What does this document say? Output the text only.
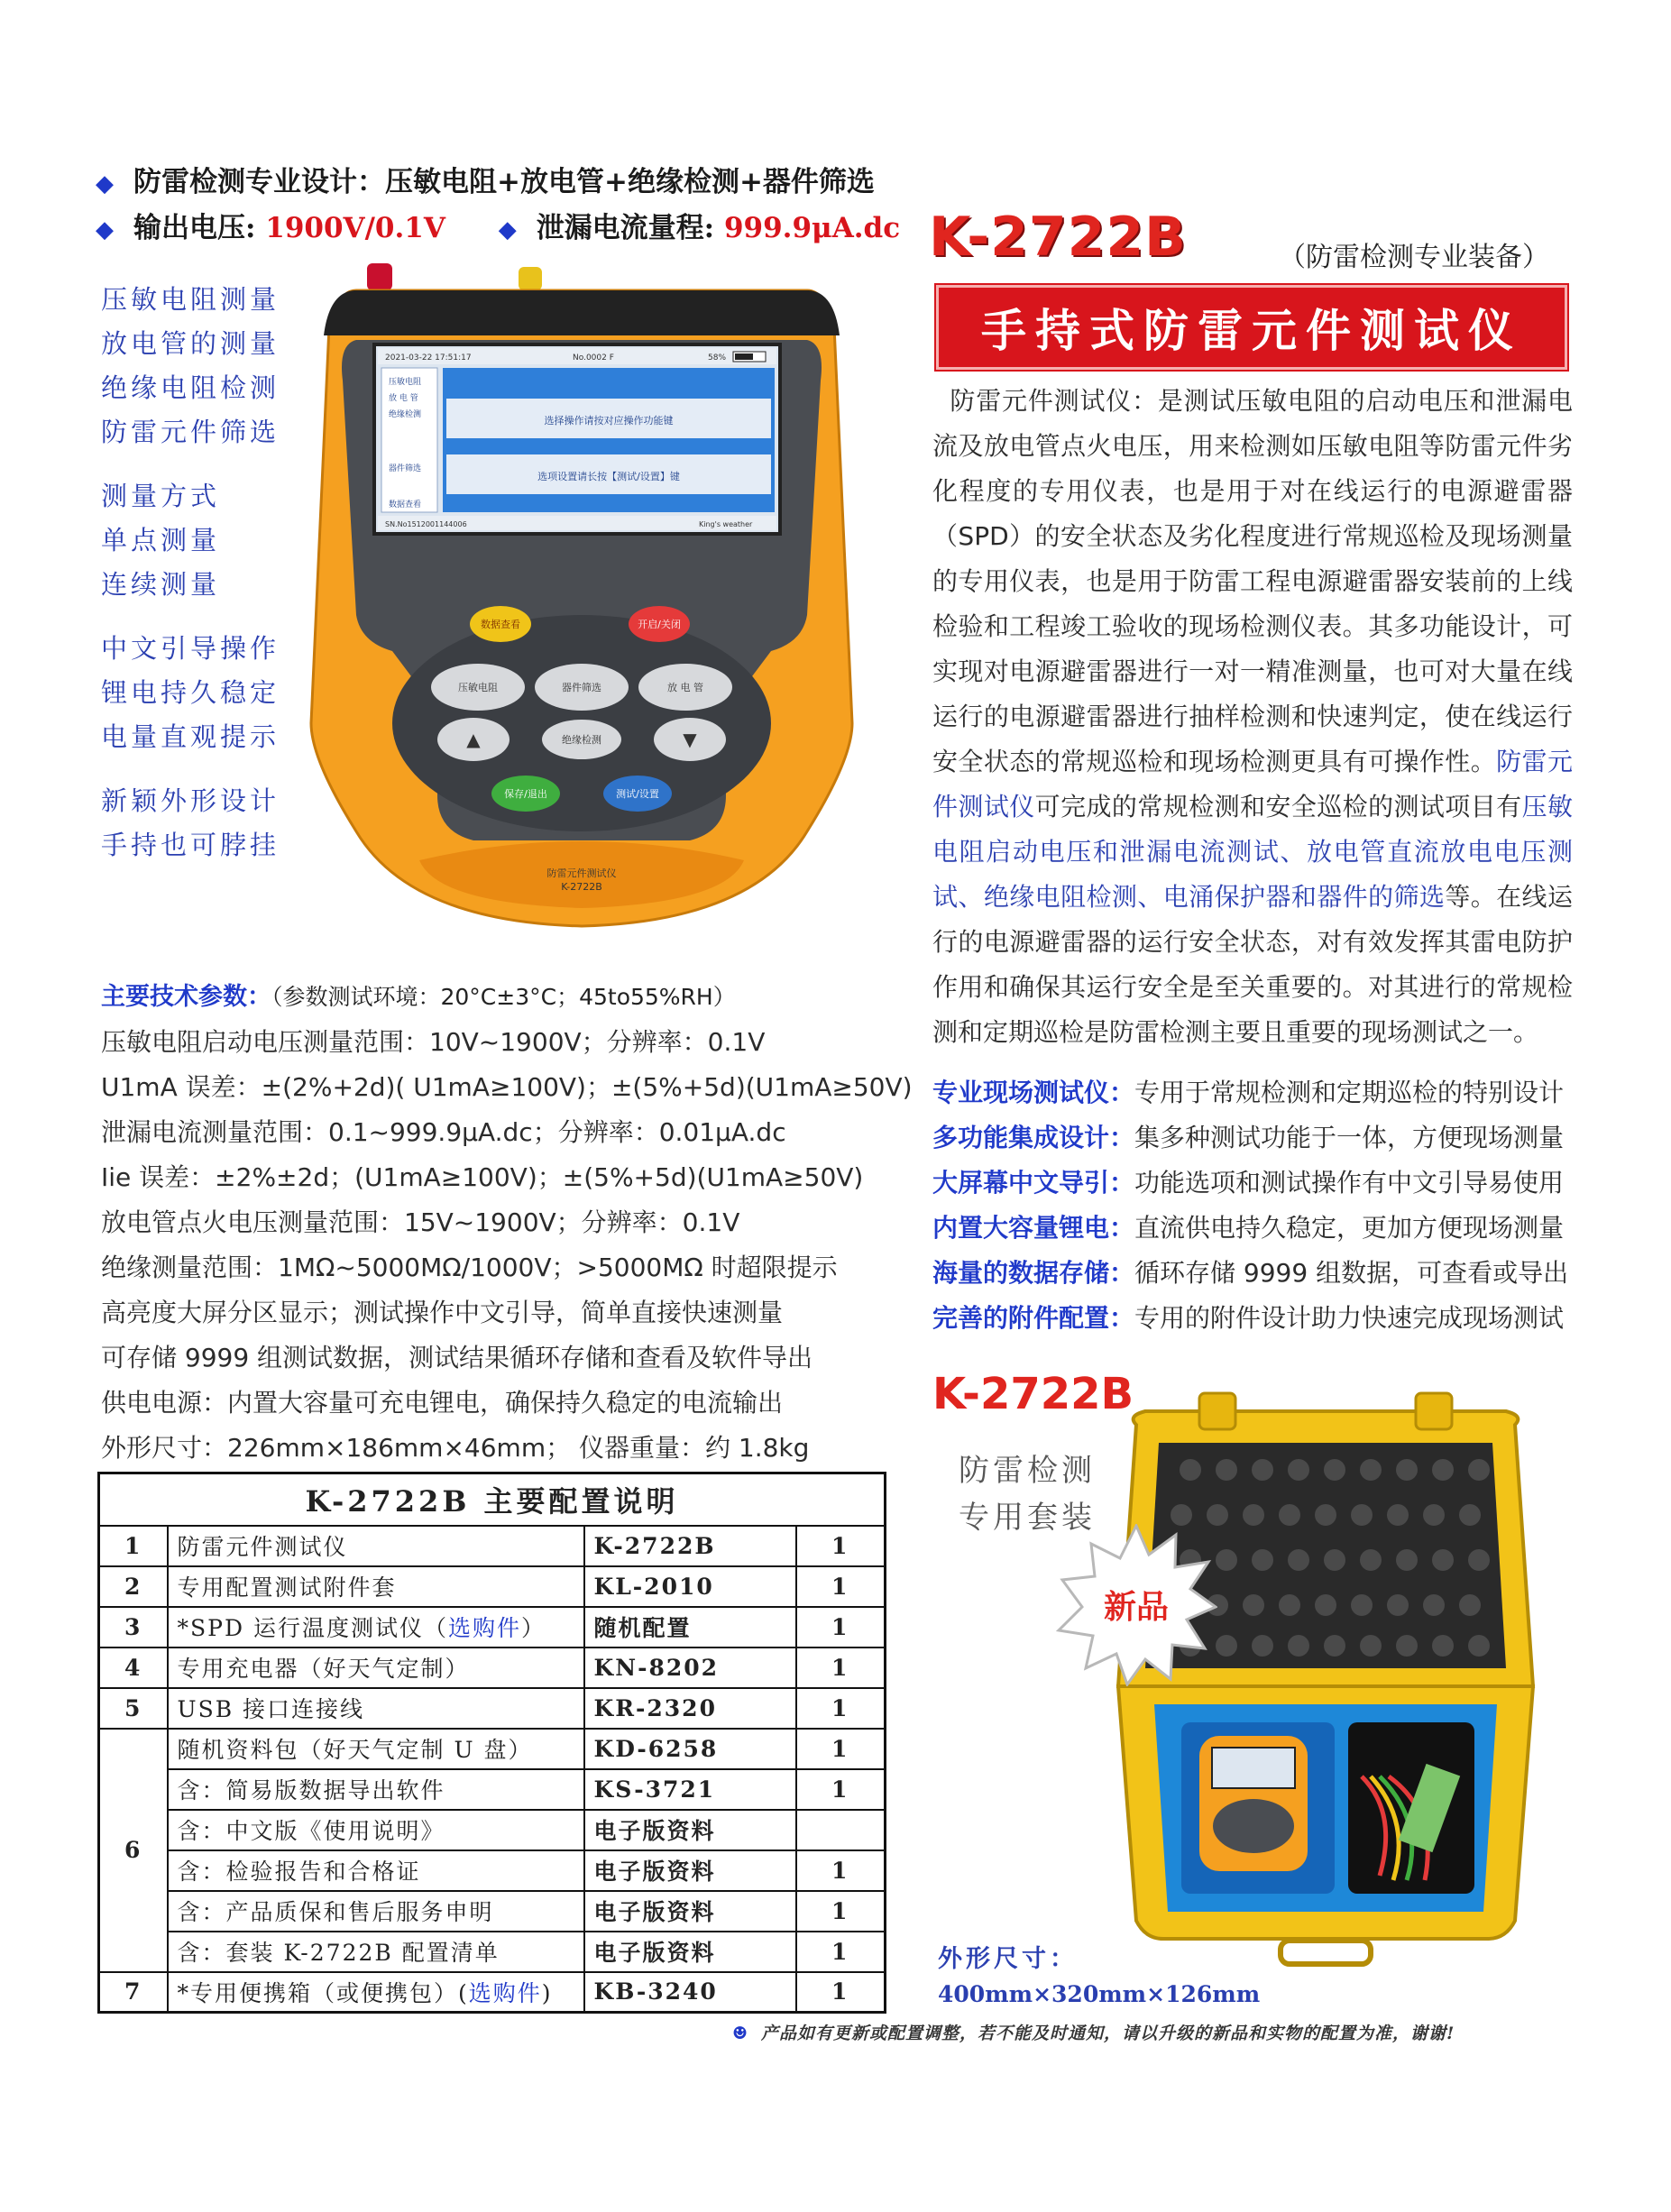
◆ 防雷检测专业设计：压敏电阻+放电管+绝缘检测+器件筛选
◆ 输出电压: 1900V/0.1V ◆ 泄漏电流量程: 999.9μA.dc
压敏电阻测量
放电管的测量
绝缘电阻检测
防雷元件筛选
测量方式
单点测量
连续测量
中文引导操作
锂电持久稳定
电量直观提示
新颖外形设计
手持也可脖挂
2021-03-22 17:51:17	No.0002 F	58%
压敏电阻
放 电 管
绝缘检测
器件筛选
数据查看
选择操作请按对应操作功能键
选项设置请长按【测试/设置】键
SN.No1512001144006	King's weather
数据查看	开启/关闭
压敏电阻	器件筛选	放 电 管
▲	绝缘检测	▼
保存/退出	测试/设置
防雷元件测试仪
K-2722B
K-2722B	（防雷检测专业装备）
手持式防雷元件测试仪
防雷元件测试仪：是测试压敏电阻的启动电压和泄漏电流及放电管点火电压，用来检测如压敏电阻等防雷元件劣化程度的专用仪表，也是用于对在线运行的电源避雷器（SPD）的安全状态及劣化程度进行常规巡检及现场测量的专用仪表，也是用于防雷工程电源避雷器安装前的上线检验和工程竣工验收的现场检测仪表。其多功能设计，可实现对电源避雷器进行一对一精准测量，也可对大量在线运行的电源避雷器进行抽样检测和快速判定，使在线运行安全状态的常规巡检和现场检测更具有可操作性。防雷元件测试仪可完成的常规检测和安全巡检的测试项目有压敏电阻启动电压和泄漏电流测试、放电管直流放电电压测试、绝缘电阻检测、电涌保护器和器件的筛选等。在线运行的电源避雷器的运行安全状态，对有效发挥其雷电防护作用和确保其运行安全是至关重要的。对其进行的常规检测和定期巡检是防雷检测主要且重要的现场测试之一。
专业现场测试仪：专用于常规检测和定期巡检的特别设计
多功能集成设计：集多种测试功能于一体，方便现场测量
大屏幕中文导引：功能选项和测试操作有中文引导易使用
内置大容量锂电：直流供电持久稳定，更加方便现场测量
海量的数据存储：循环存储 9999 组数据，可查看或导出
完善的附件配置：专用的附件设计助力快速完成现场测试
主要技术参数：（参数测试环境：20°C±3°C；45to55%RH）
压敏电阻启动电压测量范围：10V~1900V；分辨率：0.1V
U1mA 误差：±(2%+2d)( U1mA≥100V)；±(5%+5d)(U1mA≥50V)
泄漏电流测量范围：0.1~999.9μA.dc；分辨率：0.01μA.dc
Iie 误差：±2%±2d；(U1mA≥100V)；±(5%+5d)(U1mA≥50V)
放电管点火电压测量范围：15V~1900V；分辨率：0.1V
绝缘测量范围：1MΩ~5000MΩ/1000V；>5000MΩ 时超限提示
高亮度大屏分区显示；测试操作中文引导，简单直接快速测量
可存储 9999 组测试数据，测试结果循环存储和查看及软件导出
供电电源：内置大容量可充电锂电，确保持久稳定的电流输出
外形尺寸：226mm×186mm×46mm； 仪器重量：约 1.8kg
K-2722B 主要配置说明			
1	防雷元件测试仪	K-2722B	1
2	专用配置测试附件套	KL-2010	1
3	*SPD 运行温度测试仪（选购件）	随机配置	1
4	专用充电器（好天气定制）	KN-8202	1
5	USB 接口连接线	KR-2320	1
6	随机资料包（好天气定制 U 盘）	KD-6258	1
	含：简易版数据导出软件	KS-3721	1
	含：中文版《使用说明》	电子版资料	
	含：检验报告和合格证	电子版资料	1
	含：产品质保和售后服务申明	电子版资料	1
	含：套装 K-2722B 配置清单	电子版资料	1
7	*专用便携箱（或便携包）(选购件)	KB-3240	1
K-2722B
防雷检测
专用套装
新品
外形尺寸：
400mm×320mm×126mm
☻ 产品如有更新或配置调整，若不能及时通知，请以升级的新品和实物的配置为准，谢谢!
